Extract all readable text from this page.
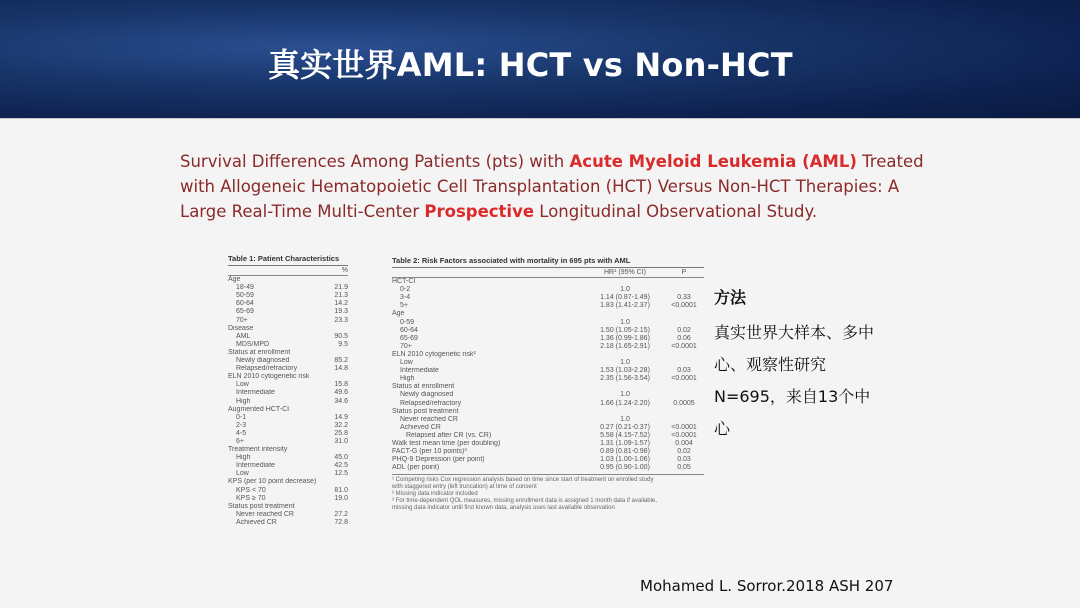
真实世界AML: HCT vs Non-HCT
Survival Differences Among Patients (pts) with Acute Myeloid Leukemia (AML) Treated with Allogeneic Hematopoietic Cell Transplantation (HCT) Versus Non-HCT Therapies: A Large Real-Time Multi-Center Prospective Longitudinal Observational Study.
Table 1: Patient Characteristics
%
Age
18-49	21.9
50-59	21.3
60-64	14.2
65-69	19.3
70+	23.3
Disease
AML	90.5
MDS/MPD	9.5
Status at enrollment
Newly diagnosed	85.2
Relapsed/refractory	14.8
ELN 2010 cytogenetic risk
Low	15.8
Intermediate	49.6
High	34.6
Augmented HCT-CI
0-1	14.9
2-3	32.2
4-5	25.8
6+	31.0
Treatment intensity
High	45.0
Intermediate	42.5
Low	12.5
KPS (per 10 point decrease)
KPS < 70	81.0
KPS ≥ 70	19.0
Status post treatment
Never reached CR	27.2
Achieved CR	72.8
Table 2: Risk Factors associated with mortality in 695 pts with AML
HR¹ (95% CI)	P
HCT-CI
0-2	1.0
3-4	1.14 (0.87-1.49)	0.33
5+	1.83 (1.41-2.37)	<0.0001
Age
0-59	1.0
60-64	1.50 (1.05-2.15)	0.02
65-69	1.36 (0.99-1.86)	0.06
70+	2.18 (1.65-2.91)	<0.0001
ELN 2010 cytogenetic risk²
Low	1.0
Intermediate	1.53 (1.03-2.28)	0.03
High	2.35 (1.56-3.54)	<0.0001
Status at enrollment
Newly diagnosed	1.0
Relapsed/refractory	1.66 (1.24-2.20)	0.0005
Status post treatment
Never reached CR	1.0
Achieved CR	0.27 (0.21-0.37)	<0.0001
Relapsed after CR (vs. CR)	5.58 (4.15-7.52)	<0.0001
Walk test mean time (per doubling)	1.31 (1.09-1.57)	0.004
FACT-G (per 10 points)³	0.89 (0.81-0.98)	0.02
PHQ-9 Depression (per point)	1.03 (1.00-1.06)	0.03
ADL (per point)	0.95 (0.90-1.00)	0.05
¹ Competing risks Cox regression analysis based on time since start of treatment on enrolled study
with staggered entry (left truncation) at time of consent
² Missing data indicator included
³ For time-dependent QOL measures, missing enrollment data is assigned 1 month data if available,
missing data indicator until first known data, analysis uses last available observation
方法
真实世界大样本、多中
心、观察性研究
N=695，来自13个中
心
Mohamed L. Sorror.2018 ASH 207
